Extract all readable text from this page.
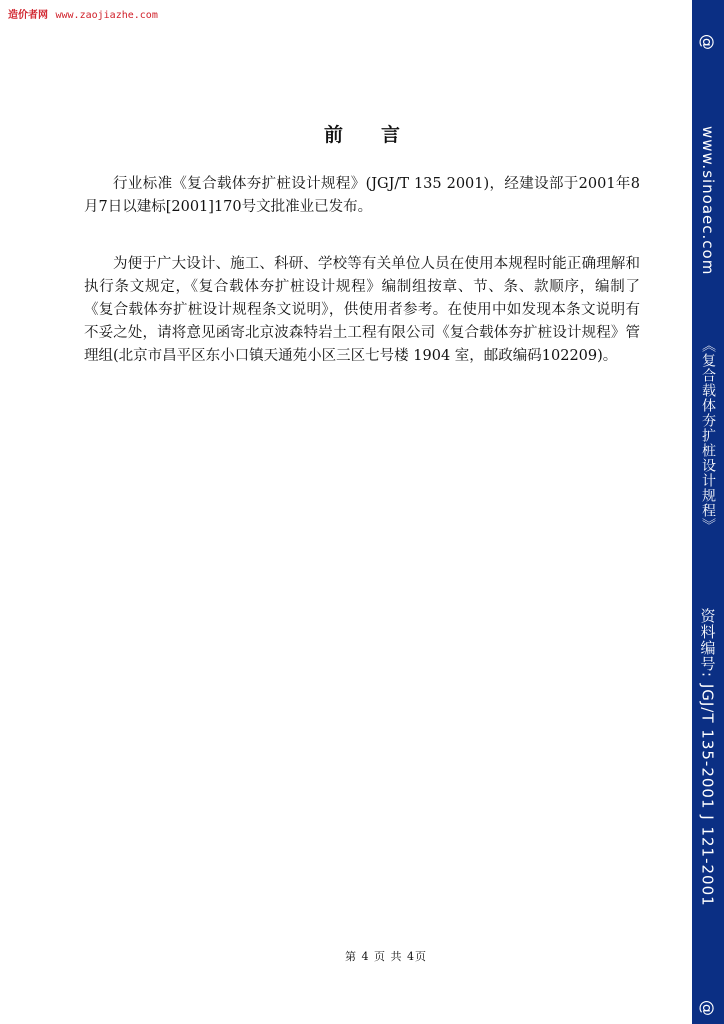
造价者网 www.zaojiazhe.com
@
www.sinoaec.com
《复合载体夯扩桩设计规程》
资料编号: JGJ/T 135-2001 J 121-2001
@
前言

行业标准《复合载体夯扩桩设计规程》(JGJ/T 135 2001)，经建设部于2001年8月7日以建标[2001]170号文批准业已发布。

为便于广大设计、施工、科研、学校等有关单位人员在使用本规程时能正确理解和执行条文规定，《复合载体夯扩桩设计规程》编制组按章、节、条、款顺序，编制了《复合载体夯扩桩设计规程条文说明》，供使用者参考。在使用中如发现本条文说明有不妥之处，请将意见函寄北京波森特岩土工程有限公司《复合载体夯扩桩设计规程》管理组(北京市昌平区东小口镇天通苑小区三区七号楼 1904 室，邮政编码102209)。

第 4 页 共 4页
